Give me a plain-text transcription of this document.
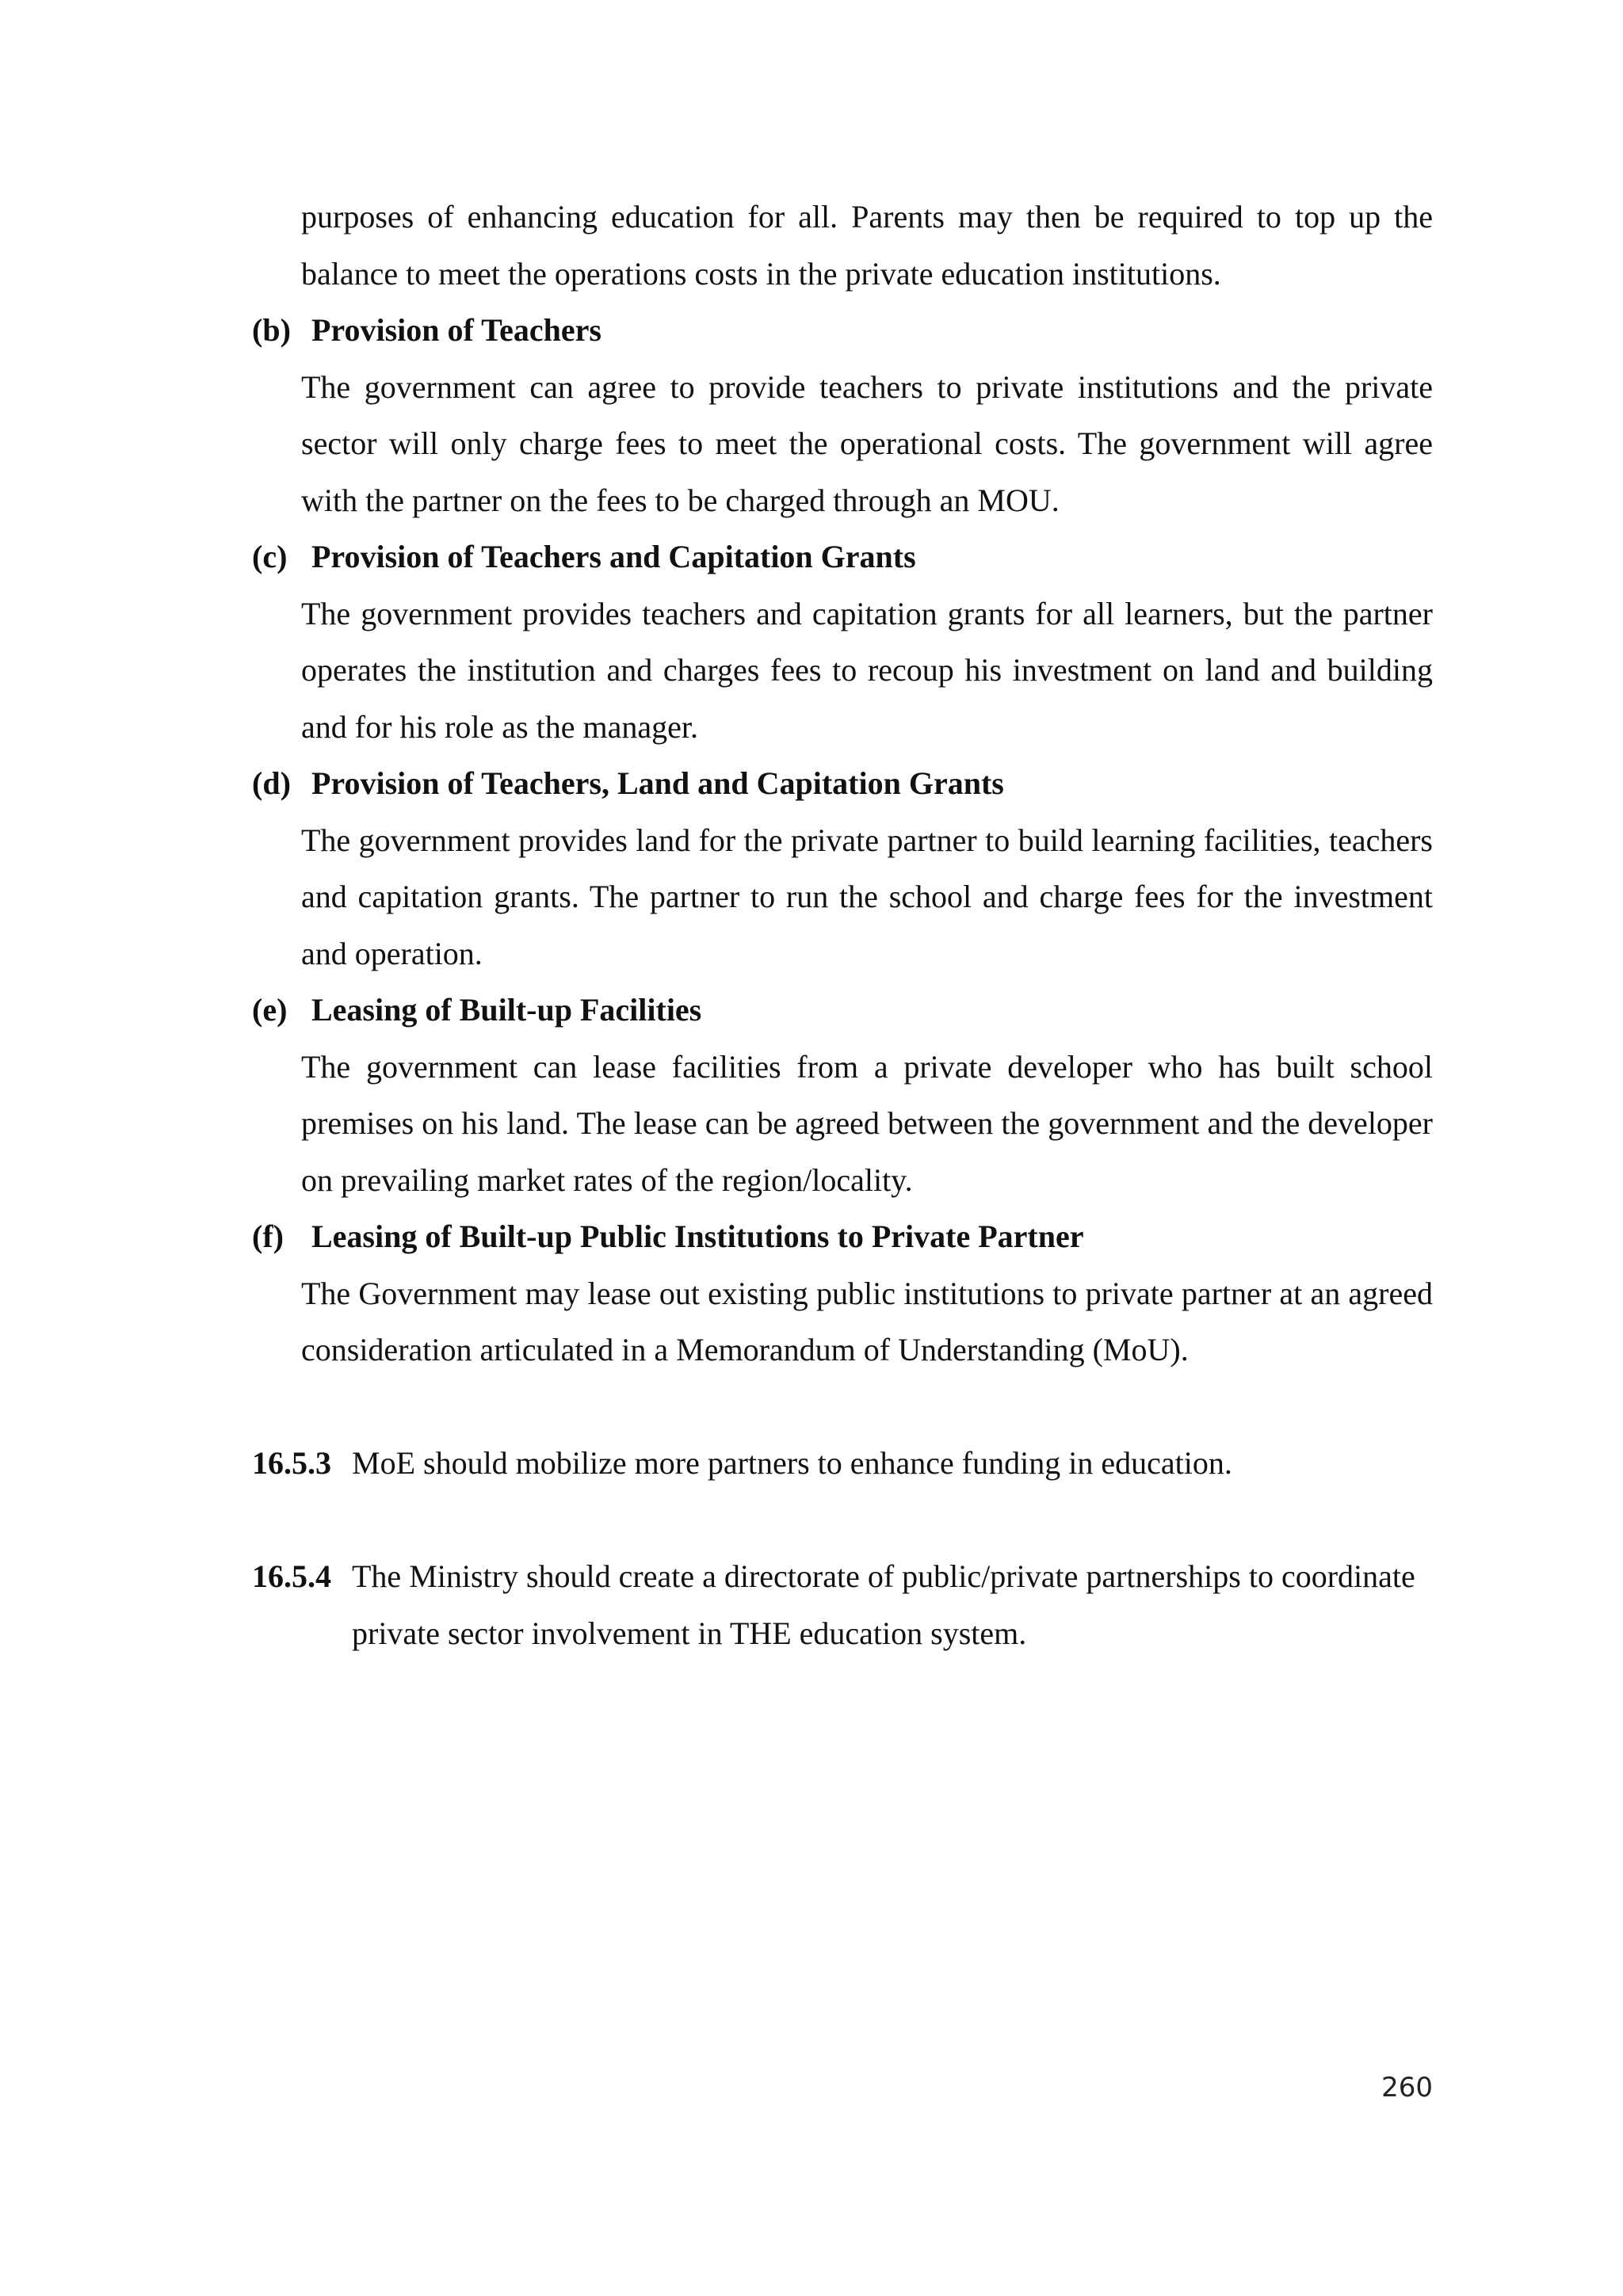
purposes of enhancing education for all. Parents may then be required to top up the balance to meet the operations costs in the private education institutions.
(b) Provision of Teachers
The government can agree to provide teachers to private institutions and the private sector will only charge fees to meet the operational costs. The government will agree with the partner on the fees to be charged through an MOU.
(c) Provision of Teachers and Capitation Grants
The government provides teachers and capitation grants for all learners, but the partner operates the institution and charges fees to recoup his investment on land and building and for his role as the manager.
(d) Provision of Teachers, Land and Capitation Grants
The government provides land for the private partner to build learning facilities, teachers and capitation grants. The partner to run the school and charge fees for the investment and operation.
(e) Leasing of Built-up Facilities
The government can lease facilities from a private developer who has built school premises on his land. The lease can be agreed between the government and the developer on prevailing market rates of the region/locality.
(f) Leasing of Built-up Public Institutions to Private Partner
The Government may lease out existing public institutions to private partner at an agreed consideration articulated in a Memorandum of Understanding (MoU).
16.5.3 MoE should mobilize more partners to enhance funding in education.
16.5.4 The Ministry should create a directorate of public/private partnerships to coordinate private sector involvement in THE education system.
260
